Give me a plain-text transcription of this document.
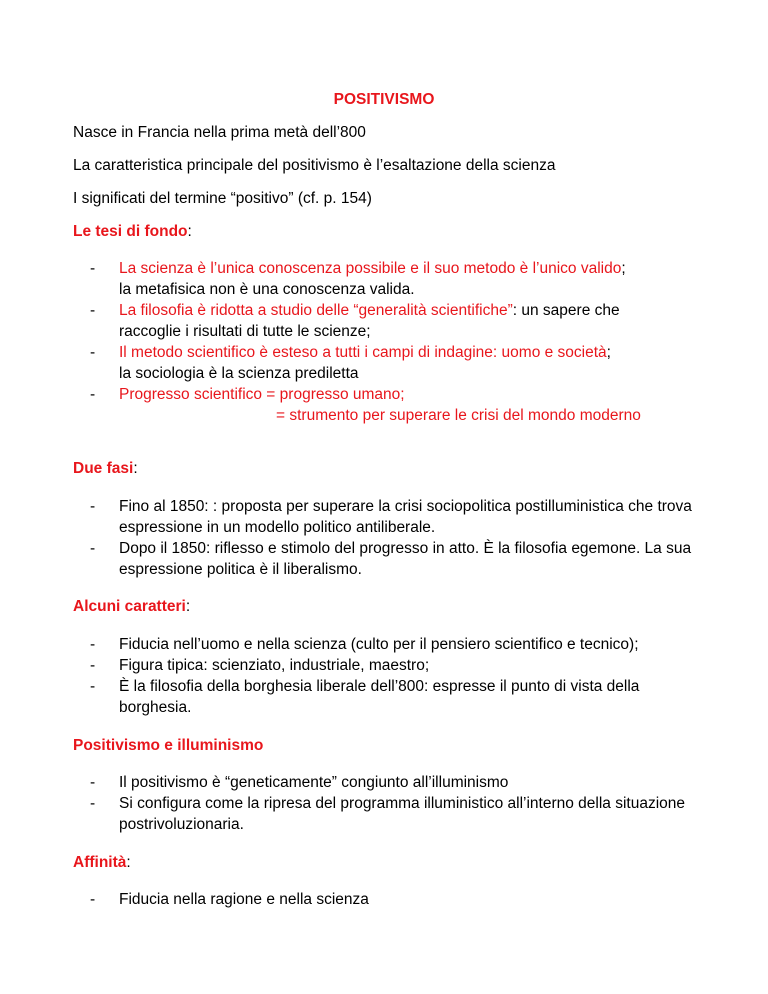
POSITIVISMO
Nasce in Francia nella prima metà dell’800
La caratteristica principale del positivismo è l’esaltazione della scienza
I significati del termine “positivo” (cf. p. 154)
Le tesi di fondo:
- La scienza è l’unica conoscenza possibile e il suo metodo è l’unico valido;
la metafisica non è una conoscenza valida.
- La filosofia è ridotta a studio delle “generalità scientifiche”: un sapere che
raccoglie i risultati di tutte le scienze;
- Il metodo scientifico è esteso a tutti i campi di indagine: uomo e società;
la sociologia è la scienza prediletta
- Progresso scientifico = progresso umano;

= strumento per superare le crisi del mondo moderno
Due fasi:
- Fino al 1850: : proposta per superare la crisi sociopolitica postilluministica che trova espressione in un modello politico antiliberale.
- Dopo il 1850: riflesso e stimolo del progresso in atto. È la filosofia egemone. La sua espressione politica è il liberalismo.
Alcuni caratteri:
- Fiducia nell’uomo e nella scienza (culto per il pensiero scientifico e tecnico);
- Figura tipica: scienziato, industriale, maestro;
- È la filosofia della borghesia liberale dell’800: espresse il punto di vista della borghesia.
Positivismo e illuminismo
- Il positivismo è “geneticamente” congiunto all’illuminismo
- Si configura come la ripresa del programma illuministico all’interno della situazione postrivoluzionaria.
Affinità:
- Fiducia nella ragione e nella scienza
